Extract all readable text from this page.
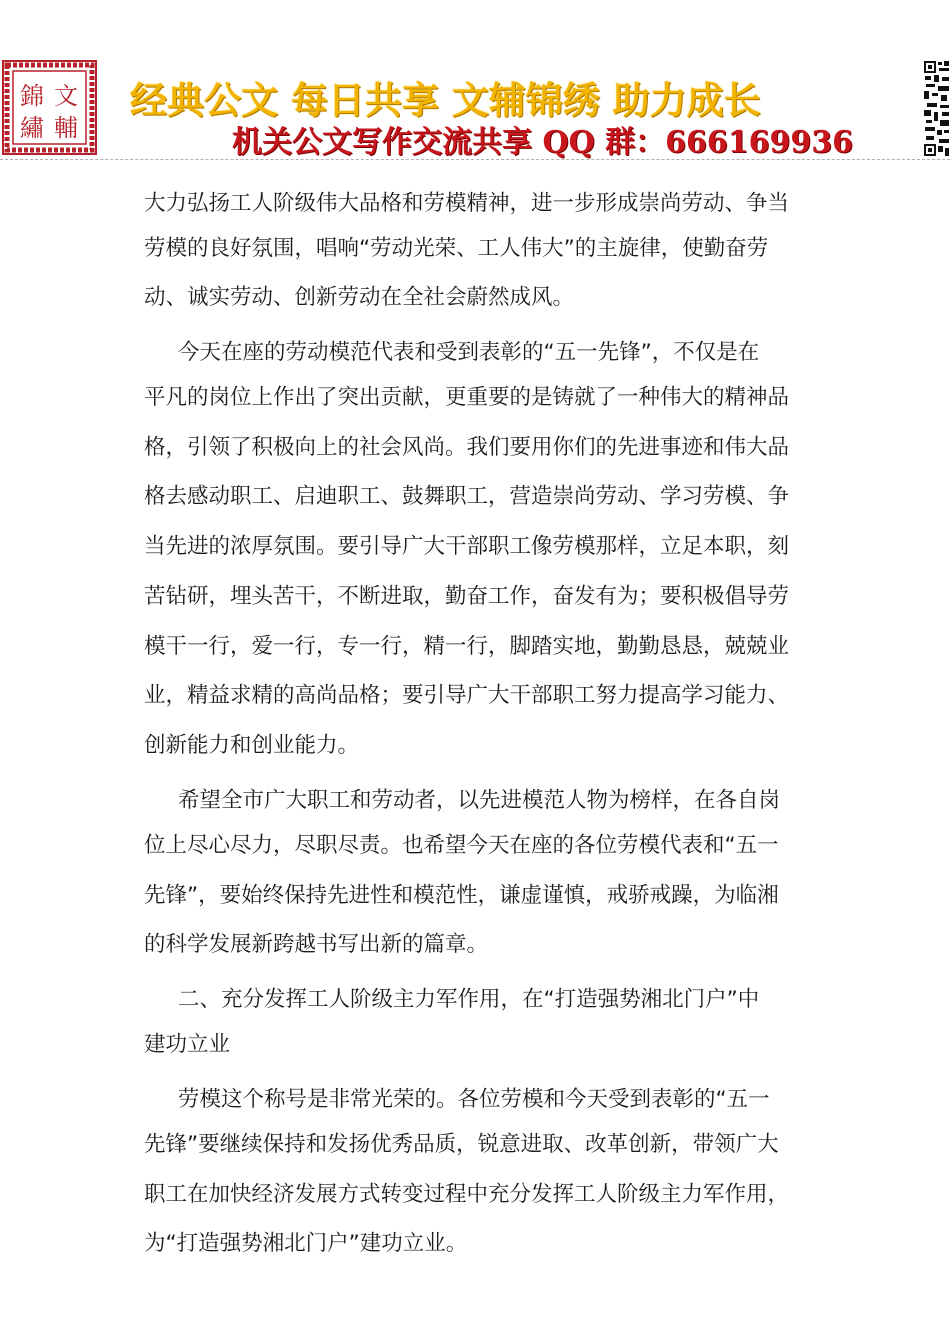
錦 文
繡 輔
经典公文 每日共享 文辅锦绣 助力成长
机关公文写作交流共享 QQ 群：666169936
大力弘扬工人阶级伟大品格和劳模精神，进一步形成崇尚劳动、争当
劳模的良好氛围，唱响“劳动光荣、工人伟大”的主旋律，使勤奋劳
动、诚实劳动、创新劳动在全社会蔚然成风。
今天在座的劳动模范代表和受到表彰的“五一先锋”，不仅是在
平凡的岗位上作出了突出贡献，更重要的是铸就了一种伟大的精神品
格，引领了积极向上的社会风尚。我们要用你们的先进事迹和伟大品
格去感动职工、启迪职工、鼓舞职工，营造崇尚劳动、学习劳模、争
当先进的浓厚氛围。要引导广大干部职工像劳模那样，立足本职，刻
苦钻研，埋头苦干，不断进取，勤奋工作，奋发有为；要积极倡导劳
模干一行，爱一行，专一行，精一行，脚踏实地，勤勤恳恳，兢兢业
业，精益求精的高尚品格；要引导广大干部职工努力提高学习能力、
创新能力和创业能力。
希望全市广大职工和劳动者，以先进模范人物为榜样，在各自岗
位上尽心尽力，尽职尽责。也希望今天在座的各位劳模代表和“五一
先锋”，要始终保持先进性和模范性，谦虚谨慎，戒骄戒躁，为临湘
的科学发展新跨越书写出新的篇章。
二、充分发挥工人阶级主力军作用，在“打造强势湘北门户”中
建功立业
劳模这个称号是非常光荣的。各位劳模和今天受到表彰的“五一
先锋”要继续保持和发扬优秀品质，锐意进取、改革创新，带领广大
职工在加快经济发展方式转变过程中充分发挥工人阶级主力军作用，
为“打造强势湘北门户”建功立业。
